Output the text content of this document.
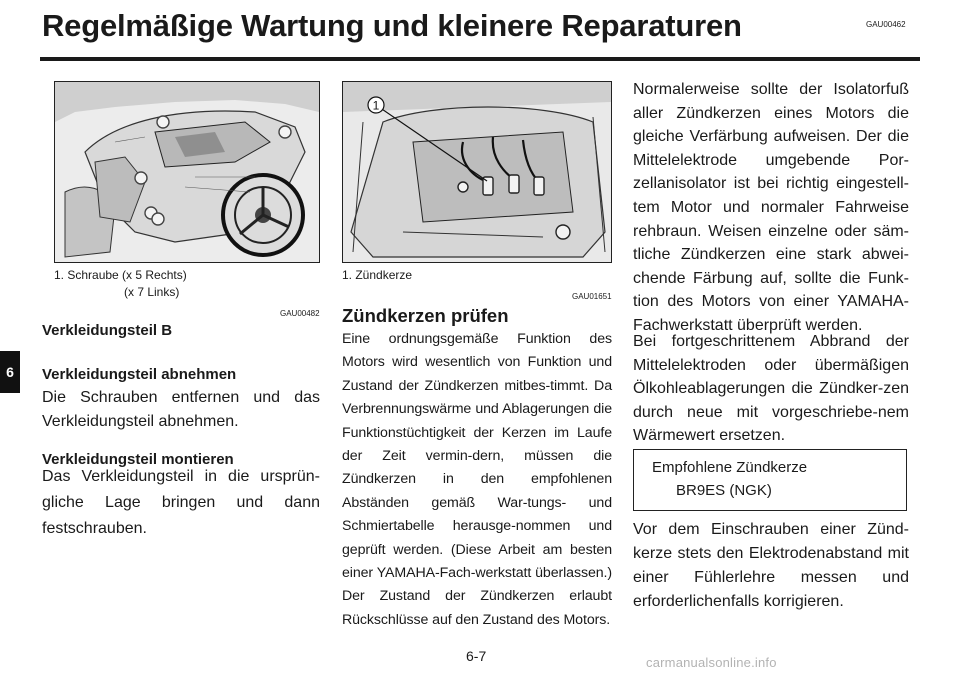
Regelmäßige Wartung und kleinere Reparaturen	GAU00462
6
1. Schraube (x 5 Rechts)
(x 7 Links)
GAU00482
1
1. Zündkerze
GAU01651
Verkleidungsteil B
Verkleidungsteil abnehmen

Die Schrauben entfernen und das Verkleidungsteil abnehmen.

Verkleidungsteil montieren

Das Verkleidungsteil in die ursprün-gliche Lage bringen und dann festschrauben.

Zündkerzen prüfen

Eine ordnungsgemäße Funktion des Motors wird wesentlich von Funktion und Zustand der Zündkerzen mitbes-timmt. Da Verbrennungswärme und Ablagerungen die Funktionstüchtigkeit der Kerzen im Laufe der Zeit vermin-dern, müssen die Zündkerzen in den empfohlenen Abständen gemäß War-tungs- und Schmiertabelle herausge-nommen und geprüft werden. (Diese Arbeit am besten einer YAMAHA-Fach-werkstatt überlassen.) Der Zustand der Zündkerzen erlaubt Rückschlüsse auf den Zustand des Motors.

Normalerweise sollte der Isolatorfuß aller Zündkerzen eines Motors die gleiche Verfärbung aufweisen. Der die Mittelelektrode umgebende Por-zellanisolator ist bei richtig eingestell-tem Motor und normaler Fahrweise rehbraun. Weisen einzelne oder säm-tliche Zündkerzen eine stark abwei-chende Färbung auf, sollte die Funk-tion des Motors von einer YAMAHA-Fachwerkstatt überprüft werden.

Bei fortgeschrittenem Abbrand der Mittelelektroden oder übermäßigen Ölkohleablagerungen die Zündker-zen durch neue mit vorgeschriebe-nem Wärmewert ersetzen.

Empfohlene Zündkerze
BR9ES (NGK)

Vor dem Einschrauben einer Zünd-kerze stets den Elektrodenabstand mit einer Fühlerlehre messen und erforderlichenfalls korrigieren.

6-7	carmanualsonline.info
